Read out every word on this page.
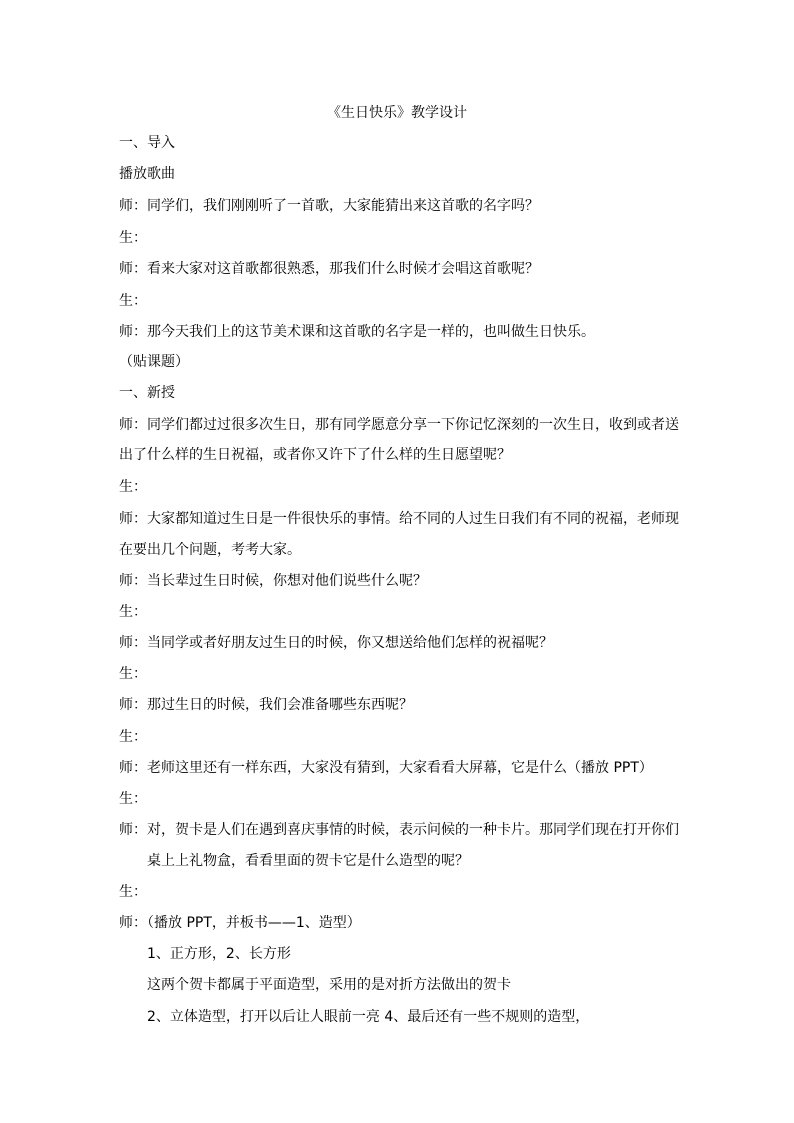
《生日快乐》教学设计
一、导入
播放歌曲
师：同学们，我们刚刚听了一首歌，大家能猜出来这首歌的名字吗？
生：
师：看来大家对这首歌都很熟悉，那我们什么时候才会唱这首歌呢？
生：
师：那今天我们上的这节美术课和这首歌的名字是一样的，也叫做生日快乐。
（贴课题）
一、新授
师：同学们都过过很多次生日，那有同学愿意分享一下你记忆深刻的一次生日，收到或者送
出了什么样的生日祝福，或者你又许下了什么样的生日愿望呢？
生：
师：大家都知道过生日是一件很快乐的事情。给不同的人过生日我们有不同的祝福，老师现
在要出几个问题，考考大家。
师：当长辈过生日时候，你想对他们说些什么呢？
生：
师：当同学或者好朋友过生日的时候，你又想送给他们怎样的祝福呢？
生：
师：那过生日的时候，我们会准备哪些东西呢？
生：
师：老师这里还有一样东西，大家没有猜到，大家看看大屏幕，它是什么（播放 PPT）
生：
师：对，贺卡是人们在遇到喜庆事情的时候，表示问候的一种卡片。那同学们现在打开你们
桌上上礼物盒，看看里面的贺卡它是什么造型的呢？
生：
师：（播放 PPT，并板书——1、造型）
1、正方形，2、长方形
这两个贺卡都属于平面造型，采用的是对折方法做出的贺卡
2、立体造型，打开以后让人眼前一亮 4、最后还有一些不规则的造型，
